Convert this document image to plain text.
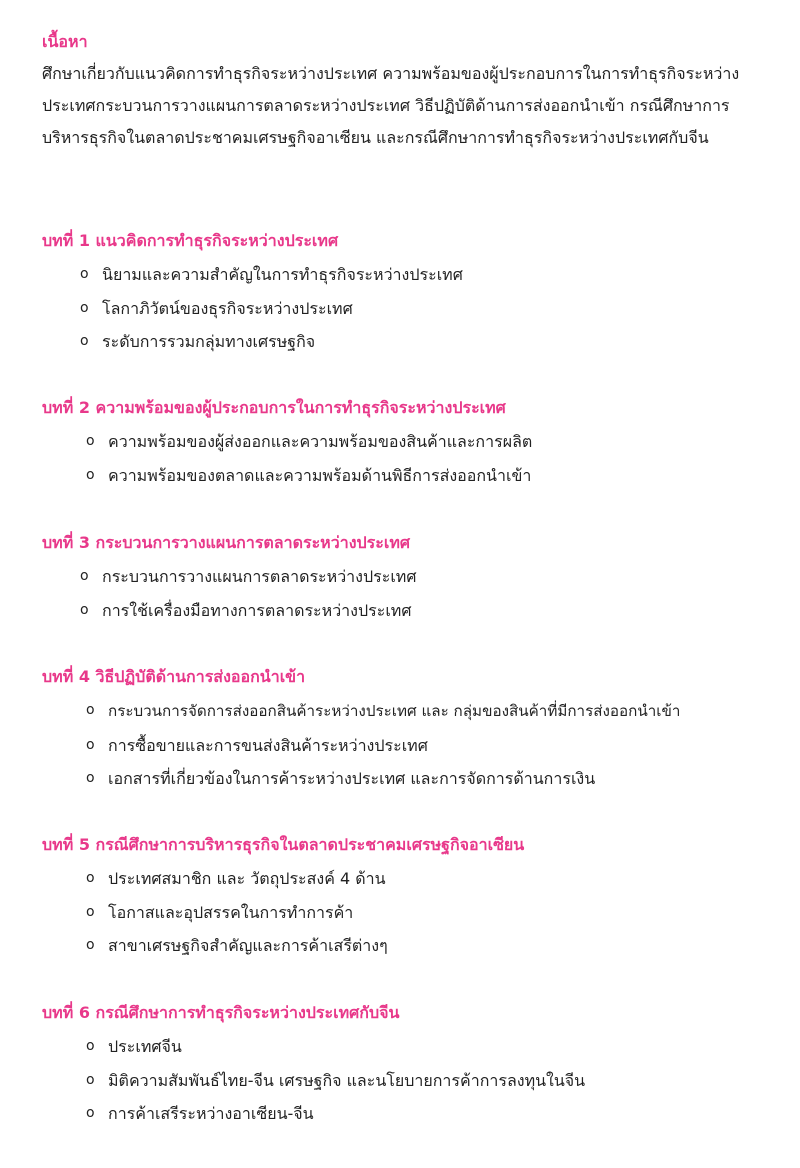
เนื้อหา

ศึกษาเกี่ยวกับแนวคิดการทำธุรกิจระหว่างประเทศ ความพร้อมของผู้ประกอบการในการทำธุรกิจระหว่างประเทศกระบวนการวางแผนการตลาดระหว่างประเทศ วิธีปฏิบัติด้านการส่งออกนำเข้า กรณีศึกษาการบริหารธุรกิจในตลาดประชาคมเศรษฐกิจอาเซียน และกรณีศึกษาการทำธุรกิจระหว่างประเทศกับจีน

บทที่ 1 แนวคิดการทำธุรกิจระหว่างประเทศ
ο นิยามและความสำคัญในการทำธุรกิจระหว่างประเทศ
ο โลกาภิวัตน์ของธุรกิจระหว่างประเทศ
ο ระดับการรวมกลุ่มทางเศรษฐกิจ
บทที่ 2 ความพร้อมของผู้ประกอบการในการทำธุรกิจระหว่างประเทศ
ο ความพร้อมของผู้ส่งออกและความพร้อมของสินค้าและการผลิต
ο ความพร้อมของตลาดและความพร้อมด้านพิธีการส่งออกนำเข้า
บทที่ 3 กระบวนการวางแผนการตลาดระหว่างประเทศ
ο กระบวนการวางแผนการตลาดระหว่างประเทศ
ο การใช้เครื่องมือทางการตลาดระหว่างประเทศ
บทที่ 4 วิธีปฏิบัติด้านการส่งออกนำเข้า
ο กระบวนการจัดการส่งออกสินค้าระหว่างประเทศ และ กลุ่มของสินค้าที่มีการส่งออกนำเข้า
ο การซื้อขายและการขนส่งสินค้าระหว่างประเทศ
ο เอกสารที่เกี่ยวข้องในการค้าระหว่างประเทศ และการจัดการด้านการเงิน
บทที่ 5 กรณีศึกษาการบริหารธุรกิจในตลาดประชาคมเศรษฐกิจอาเซียน
ο ประเทศสมาชิก และ วัตถุประสงค์ 4 ด้าน
ο โอกาสและอุปสรรคในการทำการค้า
ο สาขาเศรษฐกิจสำคัญและการค้าเสรีต่างๆ
บทที่ 6 กรณีศึกษาการทำธุรกิจระหว่างประเทศกับจีน
ο ประเทศจีน
ο มิติความสัมพันธ์ไทย-จีน เศรษฐกิจ และนโยบายการค้าการลงทุนในจีน
ο การค้าเสรีระหว่างอาเซียน-จีน
